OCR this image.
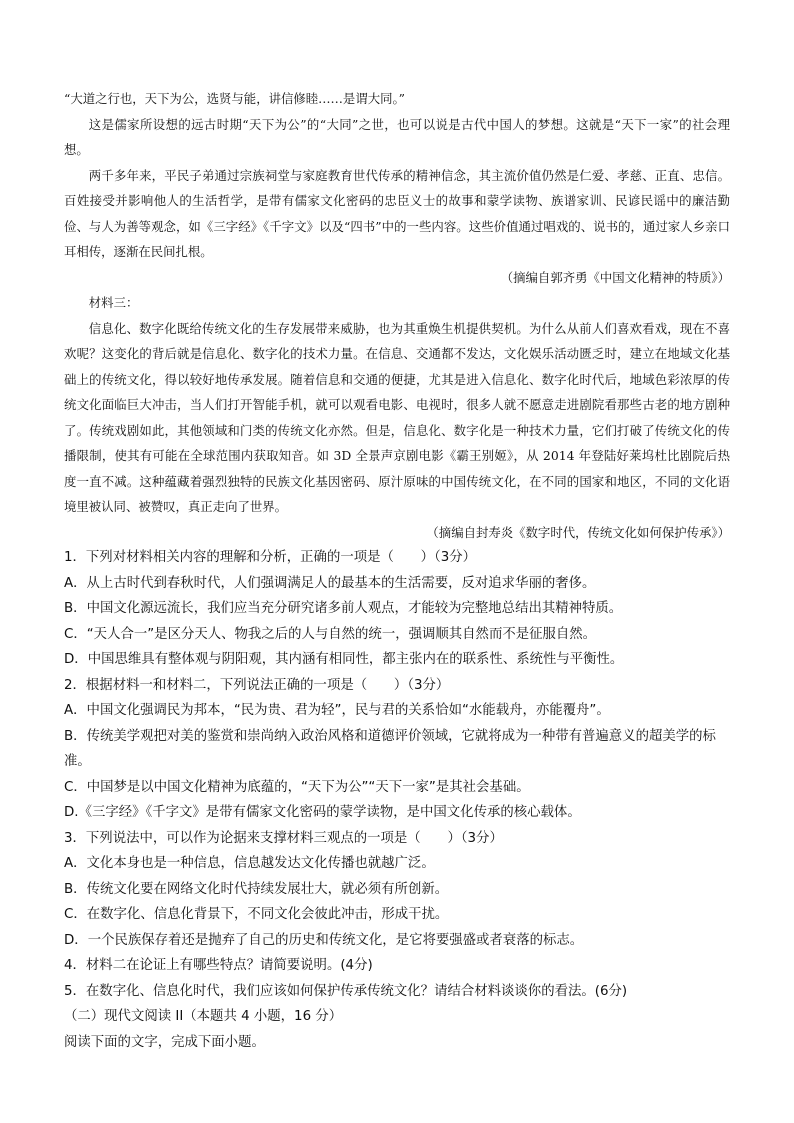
“大道之行也，天下为公，选贤与能，讲信修睦……是谓大同。”

这是儒家所设想的远古时期“天下为公”的“大同”之世，也可以说是古代中国人的梦想。这就是“天下一家”的社会理想。

两千多年来，平民子弟通过宗族祠堂与家庭教育世代传承的精神信念，其主流价值仍然是仁爱、孝慈、正直、忠信。百姓接受并影响他人的生活哲学，是带有儒家文化密码的忠臣义士的故事和蒙学读物、族谱家训、民谚民谣中的廉洁勤俭、与人为善等观念，如《三字经》《千字文》以及“四书”中的一些内容。这些价值通过唱戏的、说书的，通过家人乡亲口耳相传，逐渐在民间扎根。

（摘编自郭齐勇《中国文化精神的特质》）

材料三：

信息化、数字化既给传统文化的生存发展带来威胁，也为其重焕生机提供契机。为什么从前人们喜欢看戏，现在不喜欢呢？这变化的背后就是信息化、数字化的技术力量。在信息、交通都不发达，文化娱乐活动匮乏时，建立在地域文化基础上的传统文化，得以较好地传承发展。随着信息和交通的便捷，尤其是进入信息化、数字化时代后，地域色彩浓厚的传统文化面临巨大冲击，当人们打开智能手机，就可以观看电影、电视时，很多人就不愿意走进剧院看那些古老的地方剧种了。传统戏剧如此，其他领域和门类的传统文化亦然。但是，信息化、数字化是一种技术力量，它们打破了传统文化的传播限制，使其有可能在全球范围内获取知音。如 3D 全景声京剧电影《霸王别姬》，从 2014 年登陆好莱坞杜比剧院后热度一直不减。这种蕴藏着强烈独特的民族文化基因密码、原汁原味的中国传统文化，在不同的国家和地区，不同的文化语境里被认同、被赞叹，真正走向了世界。

（摘编自封寿炎《数字时代，传统文化如何保护传承》）

1．下列对材料相关内容的理解和分析，正确的一项是（　　）（3分）

A．从上古时代到春秋时代，人们强调满足人的最基本的生活需要，反对追求华丽的奢侈。

B．中国文化源远流长，我们应当充分研究诸多前人观点，才能较为完整地总结出其精神特质。

C．“天人合一”是区分天人、物我之后的人与自然的统一，强调顺其自然而不是征服自然。

D．中国思维具有整体观与阴阳观，其内涵有相同性，都主张内在的联系性、系统性与平衡性。

2．根据材料一和材料二，下列说法正确的一项是（　　）（3分）

A．中国文化强调民为邦本，“民为贵、君为轻”，民与君的关系恰如“水能载舟，亦能覆舟”。

B．传统美学观把对美的鉴赏和崇尚纳入政治风格和道德评价领域，它就将成为一种带有普遍意义的超美学的标准。

C．中国梦是以中国文化精神为底蕴的，“天下为公”“天下一家”是其社会基础。

D.《三字经》《千字文》是带有儒家文化密码的蒙学读物，是中国文化传承的核心载体。

3．下列说法中，可以作为论据来支撑材料三观点的一项是（　　）（3分）

A．文化本身也是一种信息，信息越发达文化传播也就越广泛。

B．传统文化要在网络文化时代持续发展壮大，就必须有所创新。

C．在数字化、信息化背景下，不同文化会彼此冲击，形成干扰。

D．一个民族保存着还是抛弃了自己的历史和传统文化，是它将要强盛或者衰落的标志。

4．材料二在论证上有哪些特点？请简要说明。(4分)

5．在数字化、信息化时代，我们应该如何保护传承传统文化？请结合材料谈谈你的看法。(6分)

（二）现代文阅读 II（本题共 4 小题，16 分）

阅读下面的文字，完成下面小题。
